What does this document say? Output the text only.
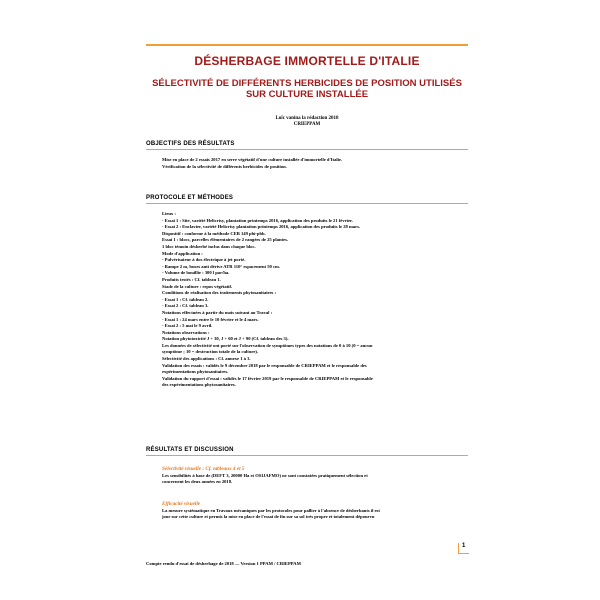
DÉSHERBAGE IMMORTELLE D'ITALIE
SÉLECTIVITÉ DE DIFFÉRENTS HERBICIDES DE POSITION UTILISÉS
SUR CULTURE INSTALLÉE
Loïc vanina la rédaction 2018
CRIEPPAM
OBJECTIFS DES RÉSULTATS
Mise en place de 2 essais 2017 en serre végétatif d'une culture installée d'immortelle d'Italie.
Vérification de la sélectivité de différents herbicides de position.
PROTOCOLE ET MÉTHODES
Lieux :
- Essai 1 : Site, variété Helicrisy, plantation printemps 2016, application des produits le 21 février.
- Essai 2 : Enclavier, variété Helicrisy plantation printemps 2016, application des produits le 28 mars.
Dispositif : conforme à la méthode CEB 149 pbi-pbb.
Essai 1 : blocs, parcelles élémentaires de 2 rangées de 25 plantes.
1 bloc témoin désherbé inclus dans chaque bloc.
Mode d'application :
- Pulvérisateur à dos électrique à jet porté.
- Rampe 2 m, buses anti dérive ATR 110° espacement 50 cm.
- Volume de bouillie : 300 l par/ha.
Produits testés : Cf. tableau 1.
Stade de la culture : repos végétatif.
Conditions de réalisation des traitements phytosanitaires :
- Essai 1 : Cf. tableau 2.
- Essai 2 : Cf. tableau 3.
Notations effectuées à partir du mois suivant au Traval :
- Essai 1 : 24 mars entre le 10 février et le 4 mars.
- Essai 2 : 5 mai le 9 avril.
Notations observations :
Notation phytotoxicité J + 30, J + 60 et J + 90 (Cf. tableau des 3).
Les données de sélectivité ont porté sur l'observation de symptômes types des notations de 0 à 10 (0 = aucun
symptôme ; 10 = destruction totale de la culture).
Sélectivité des applications : Cf. annexe 1 à 3.
Validation des essais : validés le 9 décembre 2018 par le responsable de CRIEPPAM et le responsable des
expérimentations phytosanitaires.
Validation du rapport d'essai : validés le 17 février 2019 par le responsable de CRIEPPAM et le responsable
des expérimentations phytosanitaires.
RÉSULTATS ET DISCUSSION
Sélectivité visuelle : Cf. tableaux 4 et 5
Les sensibilités à base de (DEFT 3, 20000 Ha et OSIJAFMO) ne sont constatées pratiquement sélection et
concernent les deux années en 2018.
Efficacité visuelle
La mesure systématique en Travaux mécaniques par les protocoles pour pallier à l'absence de désherbants il est
jour sur cette culture et permis la mise en place de l'essai de fin sur sa sol très propre et totalement dépourvu
1
Compte rendu d'essai de désherbage de 2018 — Version 1 PPAM / CRIEPPAM
